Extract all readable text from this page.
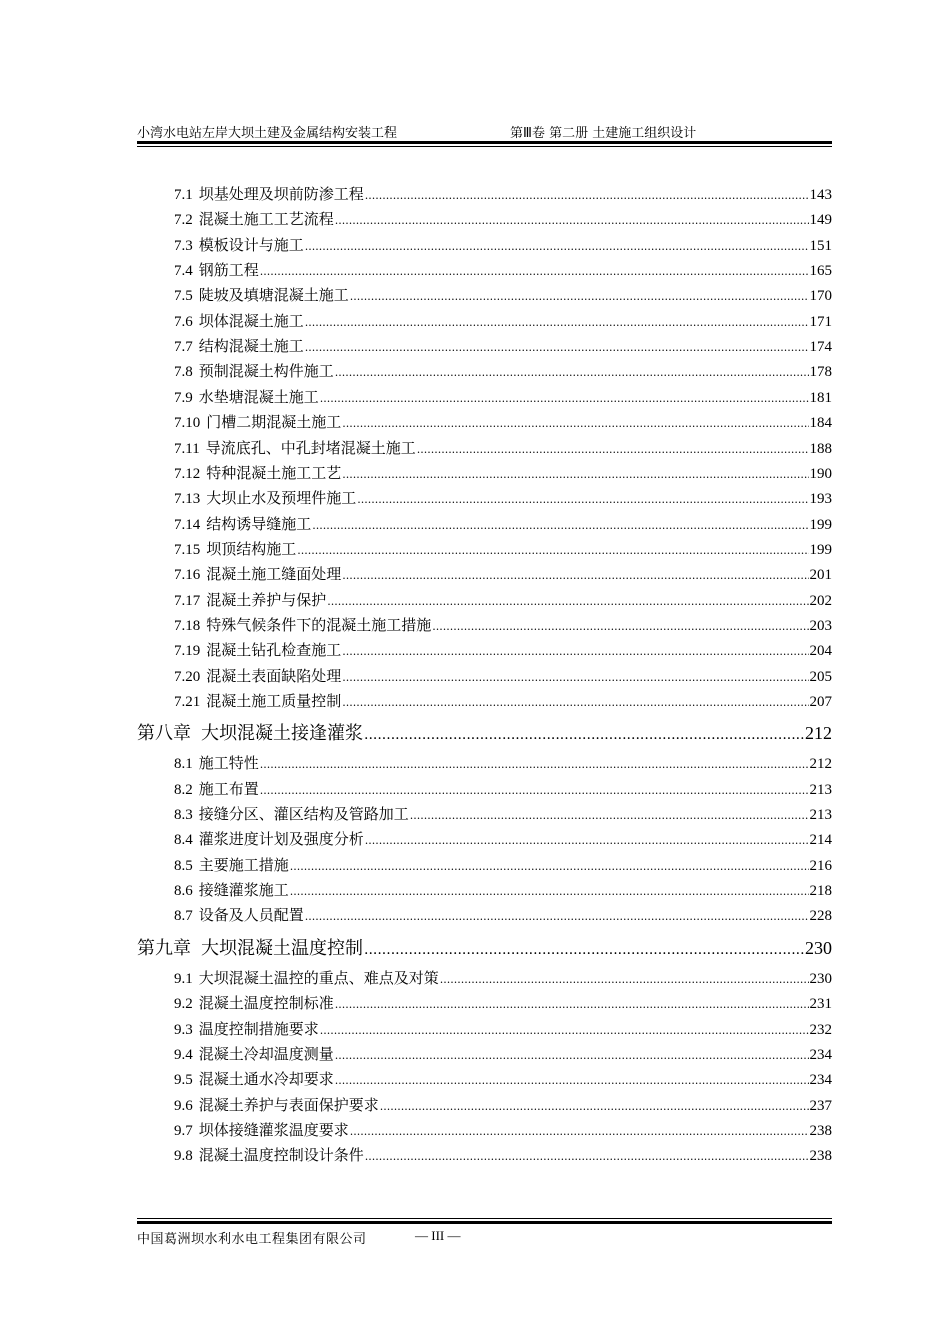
小湾水电站左岸大坝土建及金属结构安装工程	第Ⅲ卷 第二册 土建施工组织设计
7.1 坝基处理及坝前防渗工程 .....	143
7.2 混凝土施工工艺流程 .....	149
7.3 模板设计与施工 .....	151
7.4 钢筋工程 .....	165
7.5 陡坡及填塘混凝土施工 .....	170
7.6 坝体混凝土施工 .....	171
7.7 结构混凝土施工 .....	174
7.8 预制混凝土构件施工 .....	178
7.9 水垫塘混凝土施工 .....	181
7.10 门槽二期混凝土施工 .....	184
7.11 导流底孔、中孔封堵混凝土施工 .....	188
7.12 特种混凝土施工工艺 .....	190
7.13 大坝止水及预埋件施工 .....	193
7.14 结构诱导缝施工 .....	199
7.15 坝顶结构施工 .....	199
7.16 混凝土施工缝面处理 .....	201
7.17 混凝土养护与保护 .....	202
7.18 特殊气候条件下的混凝土施工措施 .....	203
7.19 混凝土钻孔检查施工 .....	204
7.20 混凝土表面缺陷处理 .....	205
7.21 混凝土施工质量控制 .....	207
第八章 大坝混凝土接逢灌浆 .....	212
8.1 施工特性 .....	212
8.2 施工布置 .....	213
8.3 接缝分区、灌区结构及管路加工 .....	213
8.4 灌浆进度计划及强度分析 .....	214
8.5 主要施工措施 .....	216
8.6 接缝灌浆施工 .....	218
8.7 设备及人员配置 .....	228
第九章 大坝混凝土温度控制 .....	230
9.1 大坝混凝土温控的重点、难点及对策 .....	230
9.2 混凝土温度控制标准 .....	231
9.3 温度控制措施要求 .....	232
9.4 混凝土冷却温度测量 .....	234
9.5 混凝土通水冷却要求 .....	234
9.6 混凝土养护与表面保护要求 .....	237
9.7 坝体接缝灌浆温度要求 .....	238
9.8 混凝土温度控制设计条件 .....	238
中国葛洲坝水利水电工程集团有限公司	— III —
